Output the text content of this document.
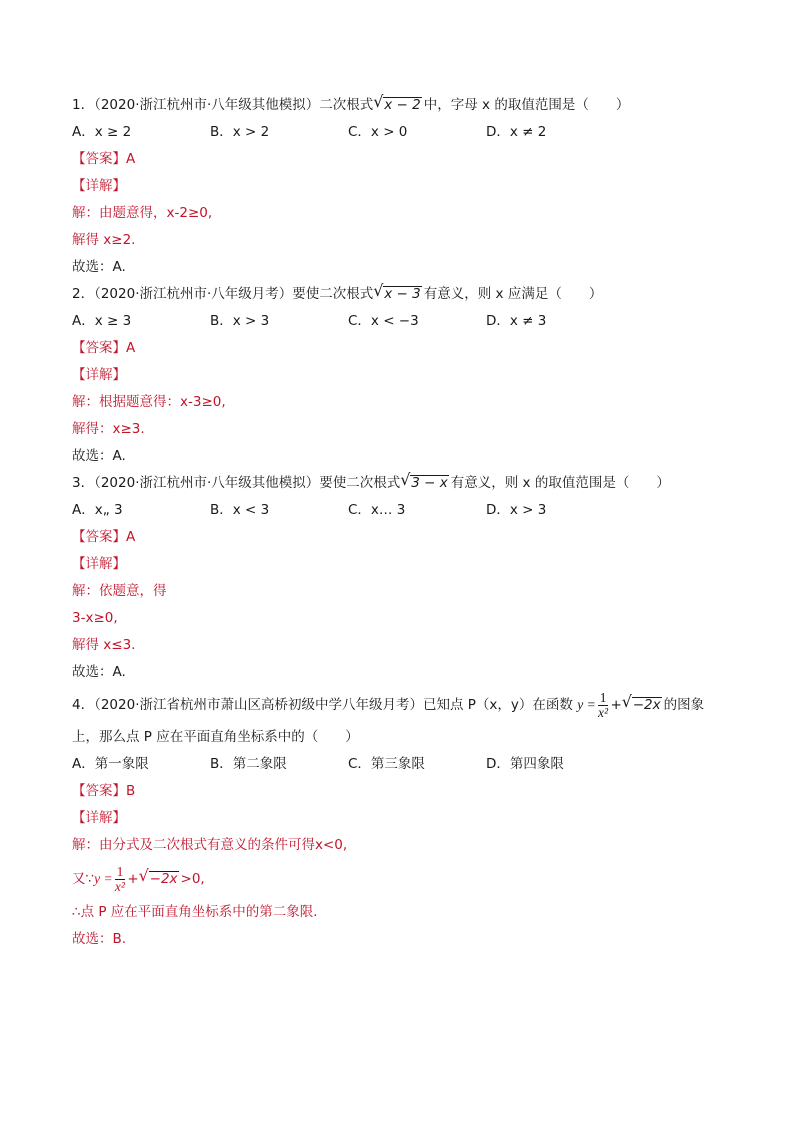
1．（2020·浙江杭州市·八年级其他模拟）二次根式 √ x − 2 中，字母 x 的取值范围是（　　）
A．x ≥ 2	B．x > 2	C．x > 0	D．x ≠ 2
【答案】A
【详解】
解：由题意得，x-2≥0,
解得 x≥2.
故选：A.
2．（2020·浙江杭州市·八年级月考）要使二次根式 √ x − 3 有意义，则 x 应满足（　　）
A．x ≥ 3	B．x > 3	C．x < −3	D．x ≠ 3
【答案】A
【详解】
解：根据题意得：x-3≥0,
解得：x≥3.
故选：A.
3．（2020·浙江杭州市·八年级其他模拟）要使二次根式 √ 3 − x 有意义，则 x 的取值范围是（　　）
A．x„ 3	B．x < 3	C．x… 3	D．x > 3
【答案】A
【详解】
解：依题意，得
3-x≥0,
解得 x≤3.
故选：A.
4．（2020·浙江省杭州市萧山区高桥初级中学八年级月考）已知点 P（x，y）在函数 $y = \frac{1}{\text{x²}}$ + √ −2x 的图象
上，那么点 P 应在平面直角坐标系中的（　　）
A．第一象限	B．第二象限	C．第三象限	D．第四象限
【答案】B
【详解】
解：由分式及二次根式有意义的条件可得x<0,
又∵y = $\frac{1}{\text{x²}}$ + √ −2x >0,
∴点 P 应在平面直角坐标系中的第二象限.
故选：B.
